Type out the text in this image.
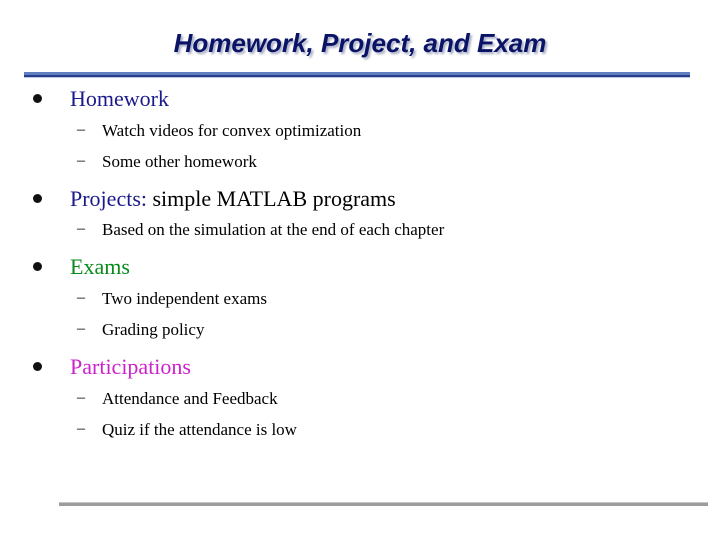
Homework, Project, and Exam
Homework
– Watch videos for convex optimization
– Some other homework
Projects: simple MATLAB programs
– Based on the simulation at the end of each chapter
Exams
– Two independent exams
– Grading policy
Participations
– Attendance and Feedback
– Quiz if the attendance is low
